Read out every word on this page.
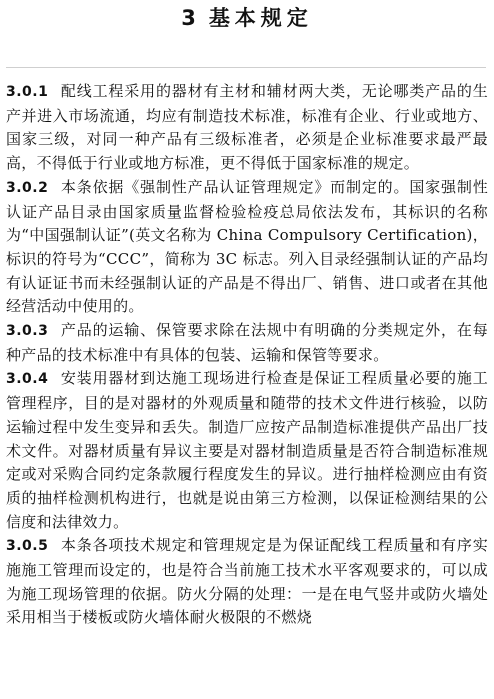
3 基本规定

3.0.1 配线工程采用的器材有主材和辅材两大类，无论哪类产品的生产并进入市场流通，均应有制造技术标准，标准有企业、行业或地方、国家三级，对同一种产品有三级标准者，必须是企业标准要求最严最高，不得低于行业或地方标准，更不得低于国家标准的规定。

3.0.2 本条依据《强制性产品认证管理规定》而制定的。国家强制性认证产品目录由国家质量监督检验检疫总局依法发布，其标识的名称为“中国强制认证”(英文名称为 China Compulsory Certification)，标识的符号为“CCC”，简称为 3C 标志。列入目录经强制认证的产品均有认证证书而未经强制认证的产品是不得出厂、销售、进口或者在其他经营活动中使用的。

3.0.3 产品的运输、保管要求除在法规中有明确的分类规定外，在每种产品的技术标准中有具体的包装、运输和保管等要求。

3.0.4 安装用器材到达施工现场进行检查是保证工程质量必要的施工管理程序，目的是对器材的外观质量和随带的技术文件进行核验，以防运输过程中发生变异和丢失。制造厂应按产品制造标准提供产品出厂技术文件。对器材质量有异议主要是对器材制造质量是否符合制造标准规定或对采购合同约定条款履行程度发生的异议。进行抽样检测应由有资质的抽样检测机构进行，也就是说由第三方检测，以保证检测结果的公信度和法律效力。

3.0.5 本条各项技术规定和管理规定是为保证配线工程质量和有序实施施工管理而设定的，也是符合当前施工技术水平客观要求的，可以成为施工现场管理的依据。防火分隔的处理：一是在电气竖井或防火墙处采用相当于楼板或防火墙体耐火极限的不燃烧
